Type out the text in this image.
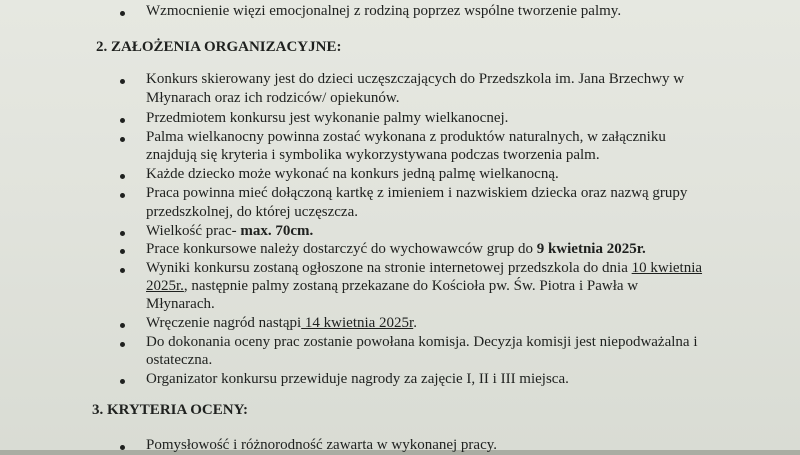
Wzmocnienie więzi emocjonalnej z rodziną poprzez wspólne tworzenie palmy.
2. ZAŁOŻENIA ORGANIZACYJNE:
Konkurs skierowany jest do dzieci uczęszczających do Przedszkola im. Jana Brzechwy w
Młynarach oraz ich rodziców/ opiekunów.
Przedmiotem konkursu jest wykonanie palmy wielkanocnej.
Palma wielkanocny powinna zostać wykonana z produktów naturalnych, w załączniku
znajdują się kryteria i symbolika wykorzystywana podczas tworzenia palm.
Każde dziecko może wykonać na konkurs jedną palmę wielkanocną.
Praca powinna mieć dołączoną kartkę z imieniem i nazwiskiem dziecka oraz nazwą grupy
przedszkolnej, do której uczęszcza.
Wielkość prac- max. 70cm.
Prace konkursowe należy dostarczyć do wychowawców grup do 9 kwietnia 2025r.
Wyniki konkursu zostaną ogłoszone na stronie internetowej przedszkola do dnia 10 kwietnia
2025r., następnie palmy zostaną przekazane do Kościoła pw. Św. Piotra i Pawła w
Młynarach.
Wręczenie nagród nastąpi 14 kwietnia 2025r.
Do dokonania oceny prac zostanie powołana komisja. Decyzja komisji jest niepodważalna i
ostateczna.
Organizator konkursu przewiduje nagrody za zajęcie I, II i III miejsca.
3. KRYTERIA OCENY:
Pomysłowość i różnorodność zawarta w wykonanej pracy.
